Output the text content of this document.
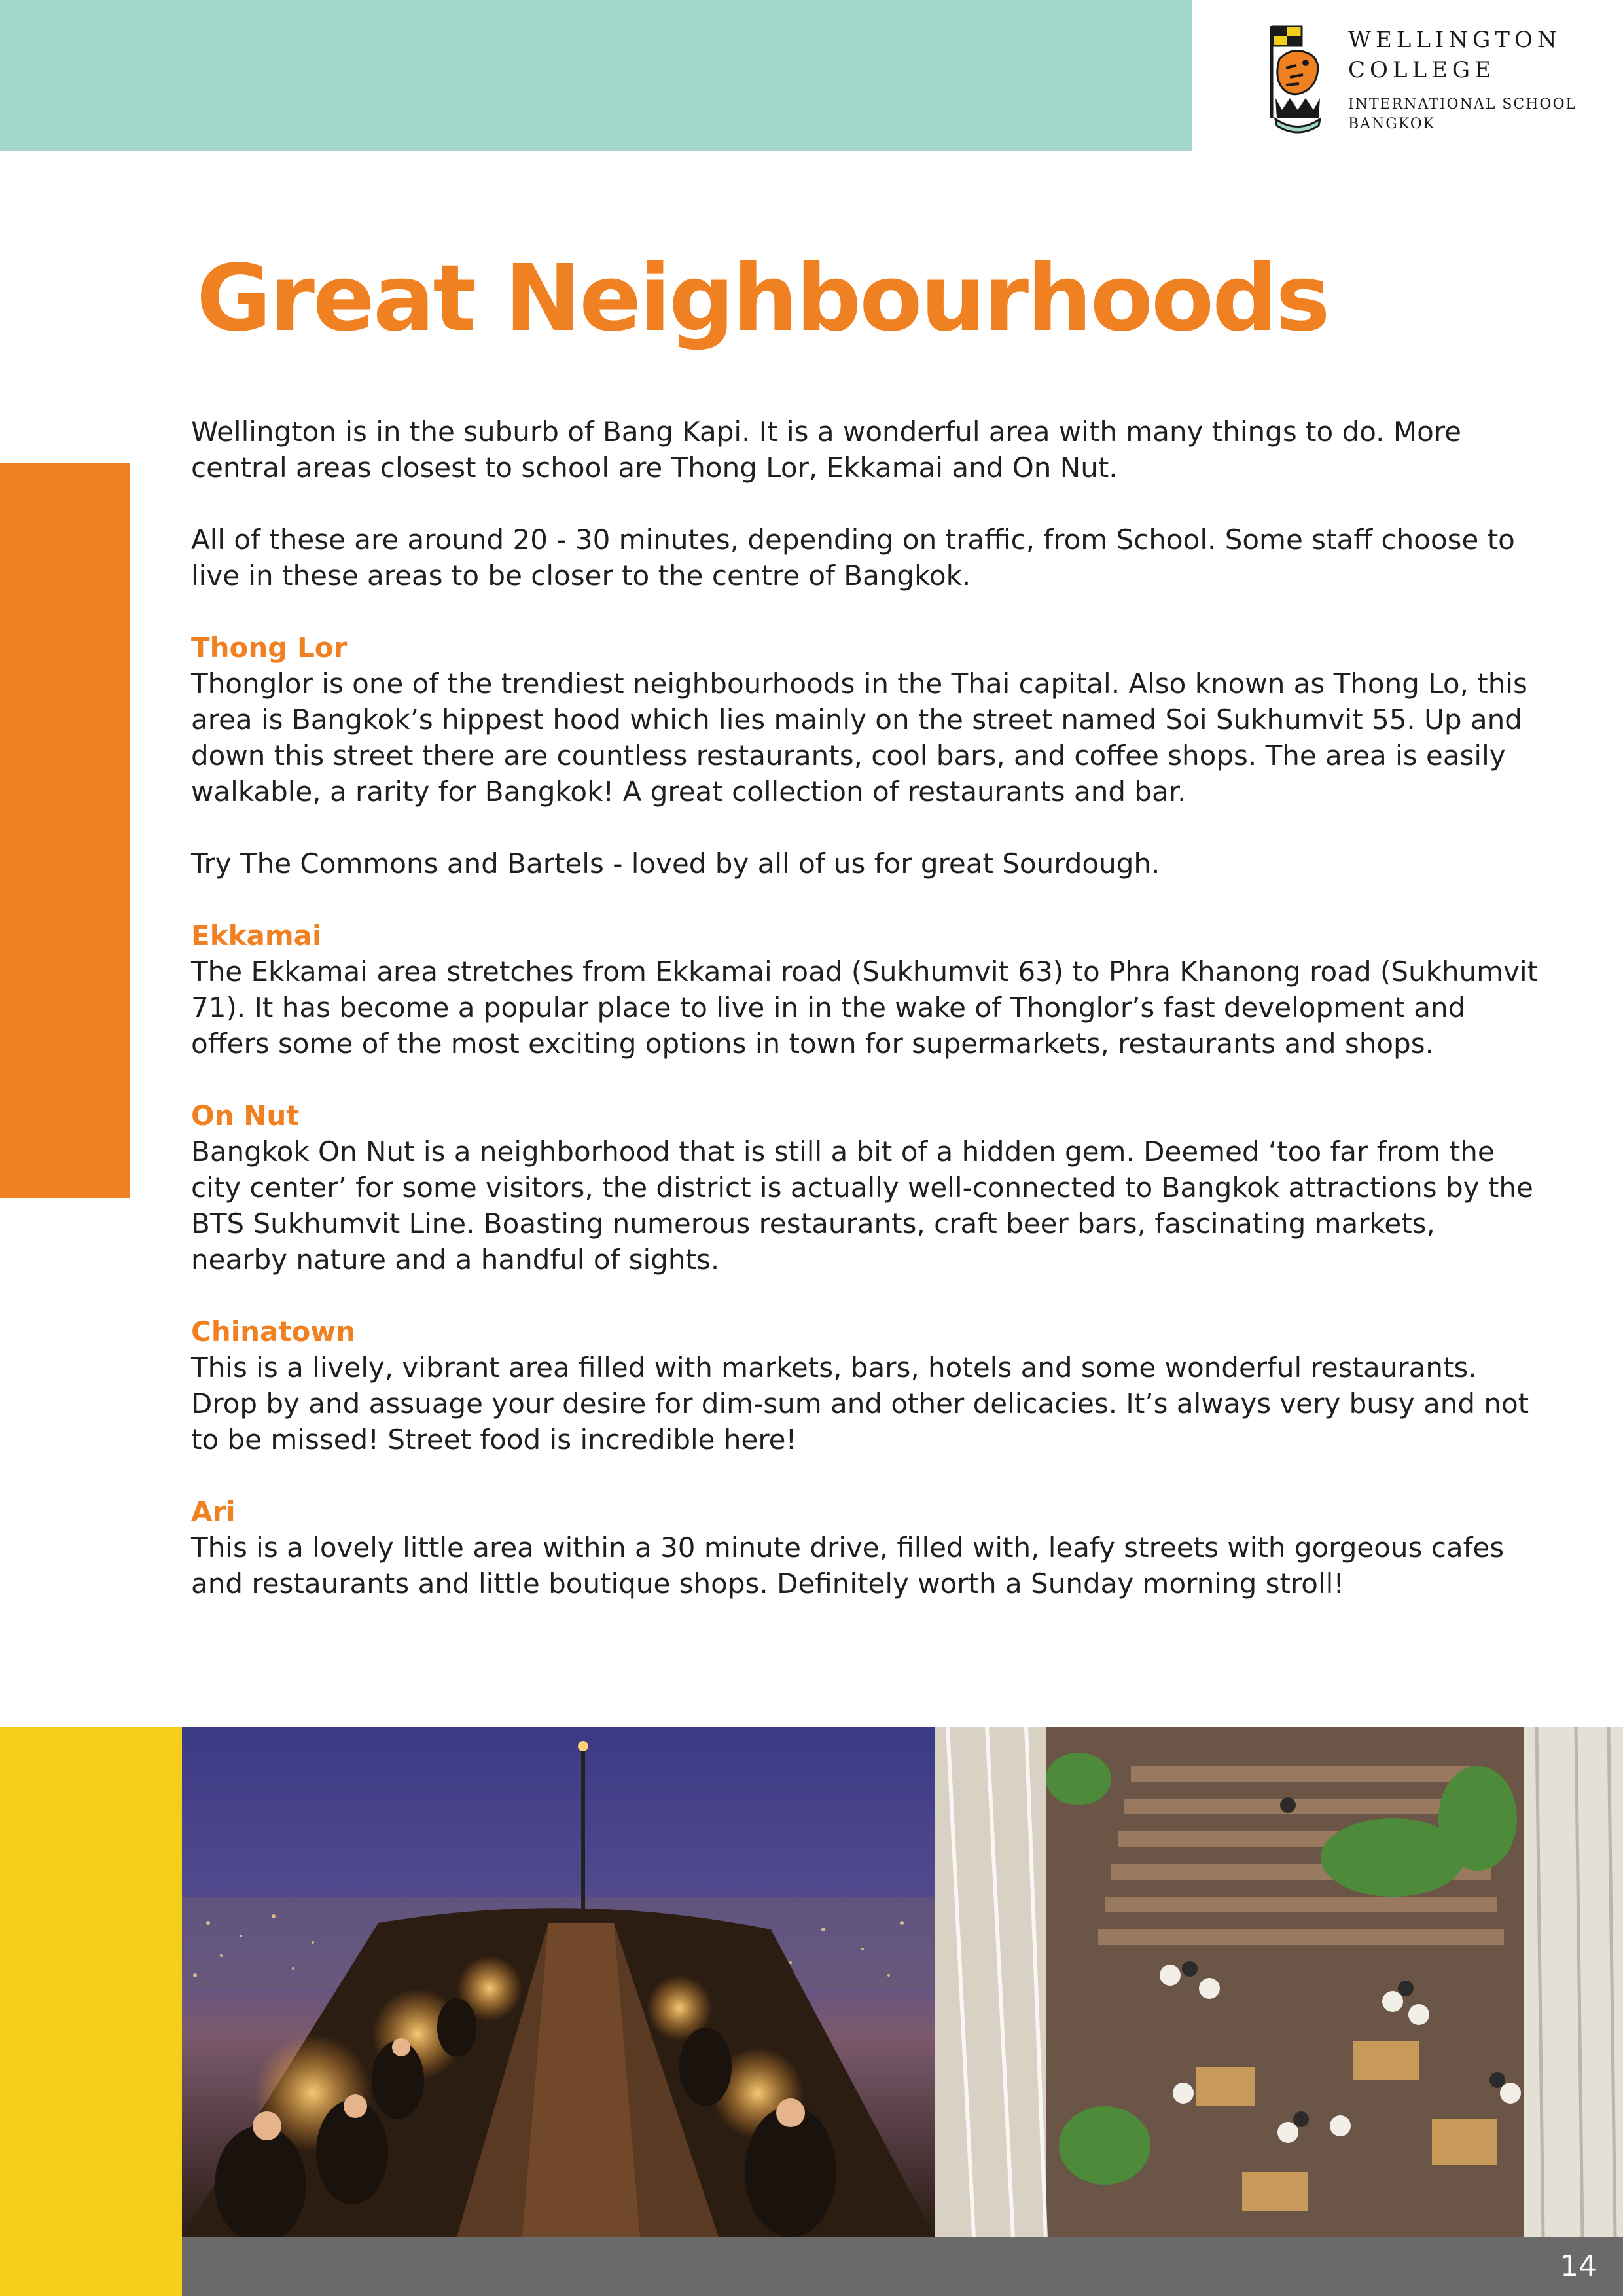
WELLINGTON
COLLEGE
INTERNATIONAL SCHOOL
BANGKOK
Great Neighbourhoods

Wellington is in the suburb of Bang Kapi. It is a wonderful area with many things to do. More central areas closest to school are Thong Lor, Ekkamai and On Nut.

All of these are around 20 - 30 minutes, depending on traffic, from School. Some staff choose to live in these areas to be closer to the centre of Bangkok.

Thong Lor
Thonglor is one of the trendiest neighbourhoods in the Thai capital. Also known as Thong Lo, this area is Bangkok’s hippest hood which lies mainly on the street named Soi Sukhumvit 55. Up and down this street there are countless restaurants, cool bars, and coffee shops. The area is easily walkable, a rarity for Bangkok! A great collection of restaurants and bar.

Try The Commons and Bartels - loved by all of us for great Sourdough.

Ekkamai
The Ekkamai area stretches from Ekkamai road (Sukhumvit 63) to Phra Khanong road (Sukhumvit 71). It has become a popular place to live in in the wake of Thonglor’s fast development and offers some of the most exciting options in town for supermarkets, restaurants and shops.
On Nut
Bangkok On Nut is a neighborhood that is still a bit of a hidden gem. Deemed ‘too far from the city center’ for some visitors, the district is actually well-connected to Bangkok attractions by the BTS Sukhumvit Line. Boasting numerous restaurants, craft beer bars, fascinating markets, nearby nature and a handful of sights.
Chinatown
This is a lively, vibrant area filled with markets, bars, hotels and some wonderful restaurants. Drop by and assuage your desire for dim-sum and other delicacies. It’s always very busy and not to be missed! Street food is incredible here!
Ari
This is a lovely little area within a 30 minute drive, filled with, leafy streets with gorgeous cafes and restaurants and little boutique shops. Definitely worth a Sunday morning stroll!
14
